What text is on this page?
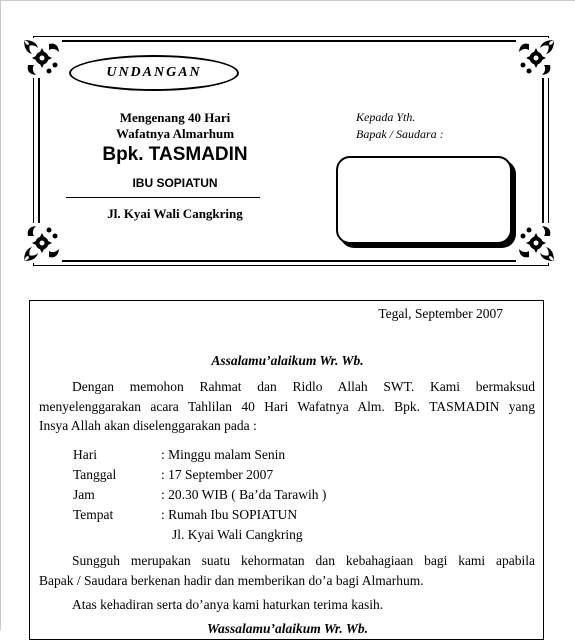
UNDANGAN
Mengenang 40 Hari
Wafatnya Almarhum
Bpk. TASMADIN
IBU SOPIATUN
Jl. Kyai Wali Cangkring
Kepada Yth.
Bapak / Saudara :
Tegal, September 2007
Assalamu’alaikum Wr. Wb.

Dengan memohon Rahmat dan Ridlo Allah SWT. Kami bermaksud
menyelenggarakan acara Tahlilan 40 Hari Wafatnya Alm. Bpk. TASMADIN yang
Insya Allah akan diselenggarakan pada :

Hari	: Minggu malam Senin
Tanggal	: 17 September 2007
Jam	: 20.30 WIB ( Ba’da Tarawih )
Tempat	: Rumah Ibu SOPIATUN
Jl. Kyai Wali Cangkring

Sungguh merupakan suatu kehormatan dan kebahagiaan bagi kami apabila
Bapak / Saudara berkenan hadir dan memberikan do’a bagi Almarhum.

Atas kehadiran serta do’anya kami haturkan terima kasih.

Wassalamu’alaikum Wr. Wb.
